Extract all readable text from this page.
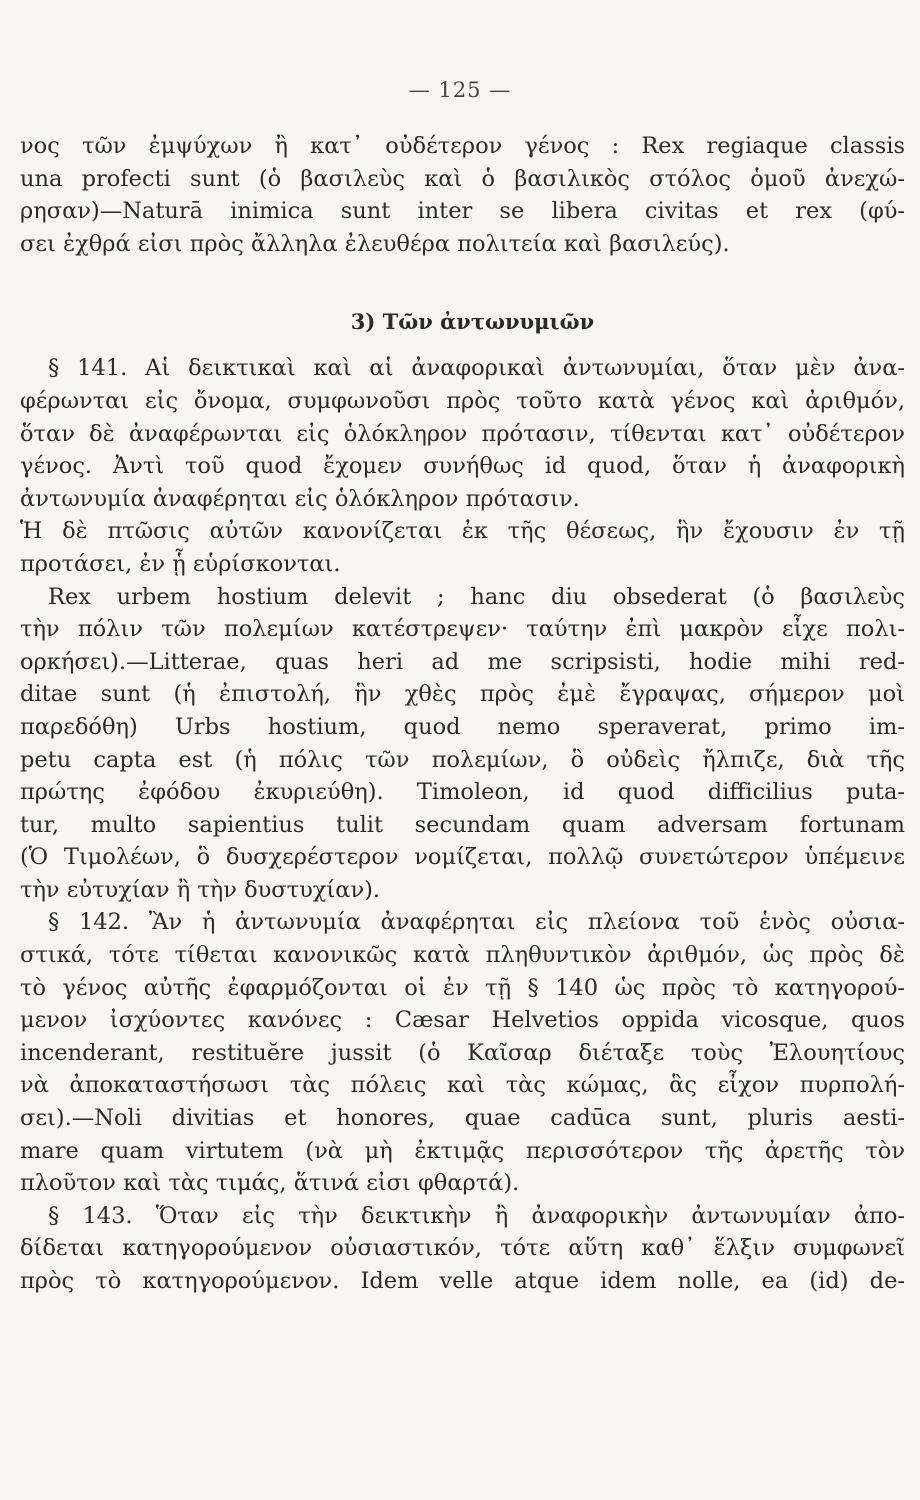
— 125 —
νος τῶν ἐμψύχων ἢ κατ᾽ οὐδέτερον γένος : Rex regiaque classis
una profecti sunt (ὁ βασιλεὺς καὶ ὁ βασιλικὸς στόλος ὁμοῦ ἀνεχώ-
ρησαν)—Naturā inimica sunt inter se libera civitas et rex (φύ-
σει ἐχθρά εἰσι πρὸς ἄλληλα ἐλευθέρα πολιτεία καὶ βασιλεύς).
3) Τῶν ἀντωνυμιῶν
§ 141. Αἱ δεικτικαὶ καὶ αἱ ἀναφορικαὶ ἀντωνυμίαι, ὅταν μὲν ἀνα-
φέρωνται εἰς ὄνομα, συμφωνοῦσι πρὸς τοῦτο κατὰ γένος καὶ ἀριθμόν,
ὅταν δὲ ἀναφέρωνται εἰς ὁλόκληρον πρότασιν, τίθενται κατ᾽ οὐδέτερον
γένος. Ἀντὶ τοῦ quod ἔχομεν συνήθως id quod, ὅταν ἡ ἀναφορικὴ
ἀντωνυμία ἀναφέρηται εἰς ὁλόκληρον πρότασιν.
Ἡ δὲ πτῶσις αὐτῶν κανονίζεται ἐκ τῆς θέσεως, ἣν ἔχουσιν ἐν τῇ
προτάσει, ἐν ᾗ εὑρίσκονται.
Rex urbem hostium delevit ; hanc diu obsederat (ὁ βασιλεὺς
τὴν πόλιν τῶν πολεμίων κατέστρεψεν· ταύτην ἐπὶ μακρὸν εἶχε πολι-
ορκήσει).—Litterae, quas heri ad me scripsisti, hodie mihi red-
ditae sunt (ἡ ἐπιστολή, ἣν χθὲς πρὸς ἐμὲ ἔγραψας, σήμερον μοὶ
παρεδόθη) Urbs hostium, quod nemo speraverat, primo im-
petu capta est (ἡ πόλις τῶν πολεμίων, ὃ οὐδεὶς ἤλπιζε, διὰ τῆς
πρώτης ἐφόδου ἐκυριεύθη). Timoleon, id quod difficilius puta-
tur, multo sapientius tulit secundam quam adversam fortunam
(Ὁ Τιμολέων, ὃ δυσχερέστερον νομίζεται, πολλῷ συνετώτερον ὑπέμεινε
τὴν εὐτυχίαν ἢ τὴν δυστυχίαν).
§ 142. Ἂν ἡ ἀντωνυμία ἀναφέρηται εἰς πλείονα τοῦ ἑνὸς οὐσια-
στικά, τότε τίθεται κανονικῶς κατὰ πληθυντικὸν ἀριθμόν, ὡς πρὸς δὲ
τὸ γένος αὐτῆς ἐφαρμόζονται οἱ ἐν τῇ § 140 ὡς πρὸς τὸ κατηγορού-
μενον ἰσχύοντες κανόνες : Cæsar Helvetios oppida vicosque, quos
incenderant, restituĕre jussit (ὁ Καῖσαρ διέταξε τοὺς Ἐλουητίους
νὰ ἀποκαταστήσωσι τὰς πόλεις καὶ τὰς κώμας, ἃς εἶχον πυρπολή-
σει).—Noli divitias et honores, quae cadūca sunt, pluris aesti-
mare quam virtutem (νὰ μὴ ἐκτιμᾷς περισσότερον τῆς ἀρετῆς τὸν
πλοῦτον καὶ τὰς τιμάς, ἅτινά εἰσι φθαρτά).
§ 143. Ὅταν εἰς τὴν δεικτικὴν ἢ ἀναφορικὴν ἀντωνυμίαν ἀπο-
δίδεται κατηγορούμενον οὐσιαστικόν, τότε αὕτη καθ᾽ ἕλξιν συμφωνεῖ
πρὸς τὸ κατηγορούμενον. Idem velle atque idem nolle, ea (id) de-
